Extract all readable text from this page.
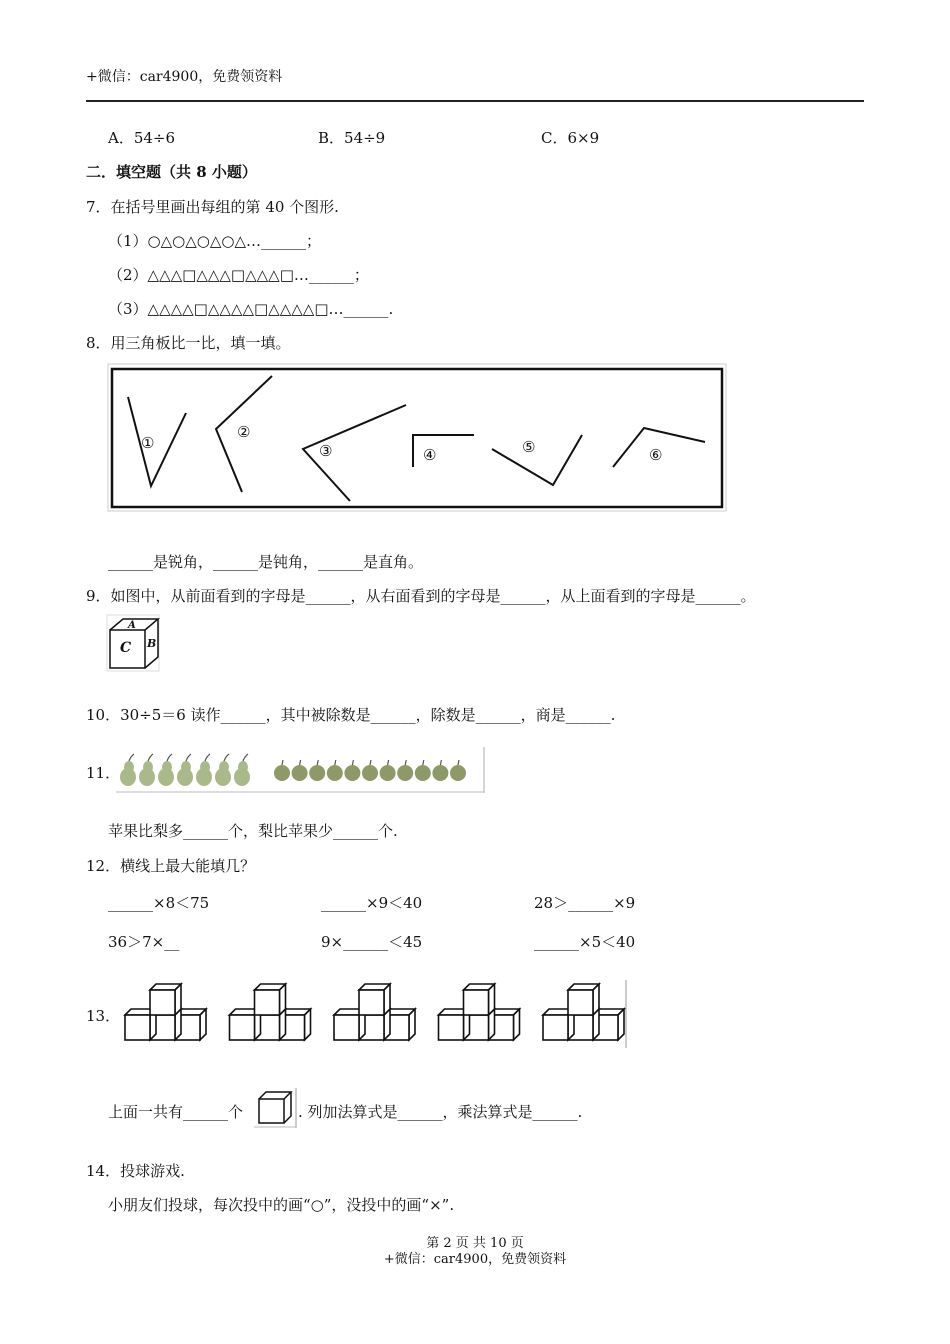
+微信：car4900，免费领资料
A．54÷6	B．54÷9	C．6×9
二．填空题（共 8 小题）
7．在括号里画出每组的第 40 个图形.
（1）○△○△○△○△…______；
（2）△△△□△△△□△△△□…______；
（3）△△△△□△△△△□△△△△□…______.
8．用三角板比一比，填一填。
①
②
③	④	⑤	⑥
______是锐角，______是钝角，______是直角。
9．如图中，从前面看到的字母是______，从右面看到的字母是______，从上面看到的字母是______。
A
B
C
10．30÷5＝6 读作______，其中被除数是______，除数是______，商是______.
11．
苹果比梨多______个，梨比苹果少______个.
12．横线上最大能填几？
______×8＜75	______×9＜40	28＞______×9
36＞7×__	9×______＜45	______×5＜40
13．
上面一共有______个	. 列加法算式是______，乘法算式是______.
14．投球游戏.
小朋友们投球，每次投中的画“○”，没投中的画“×”.
第 2 页 共 10 页
+微信：car4900，免费领资料
